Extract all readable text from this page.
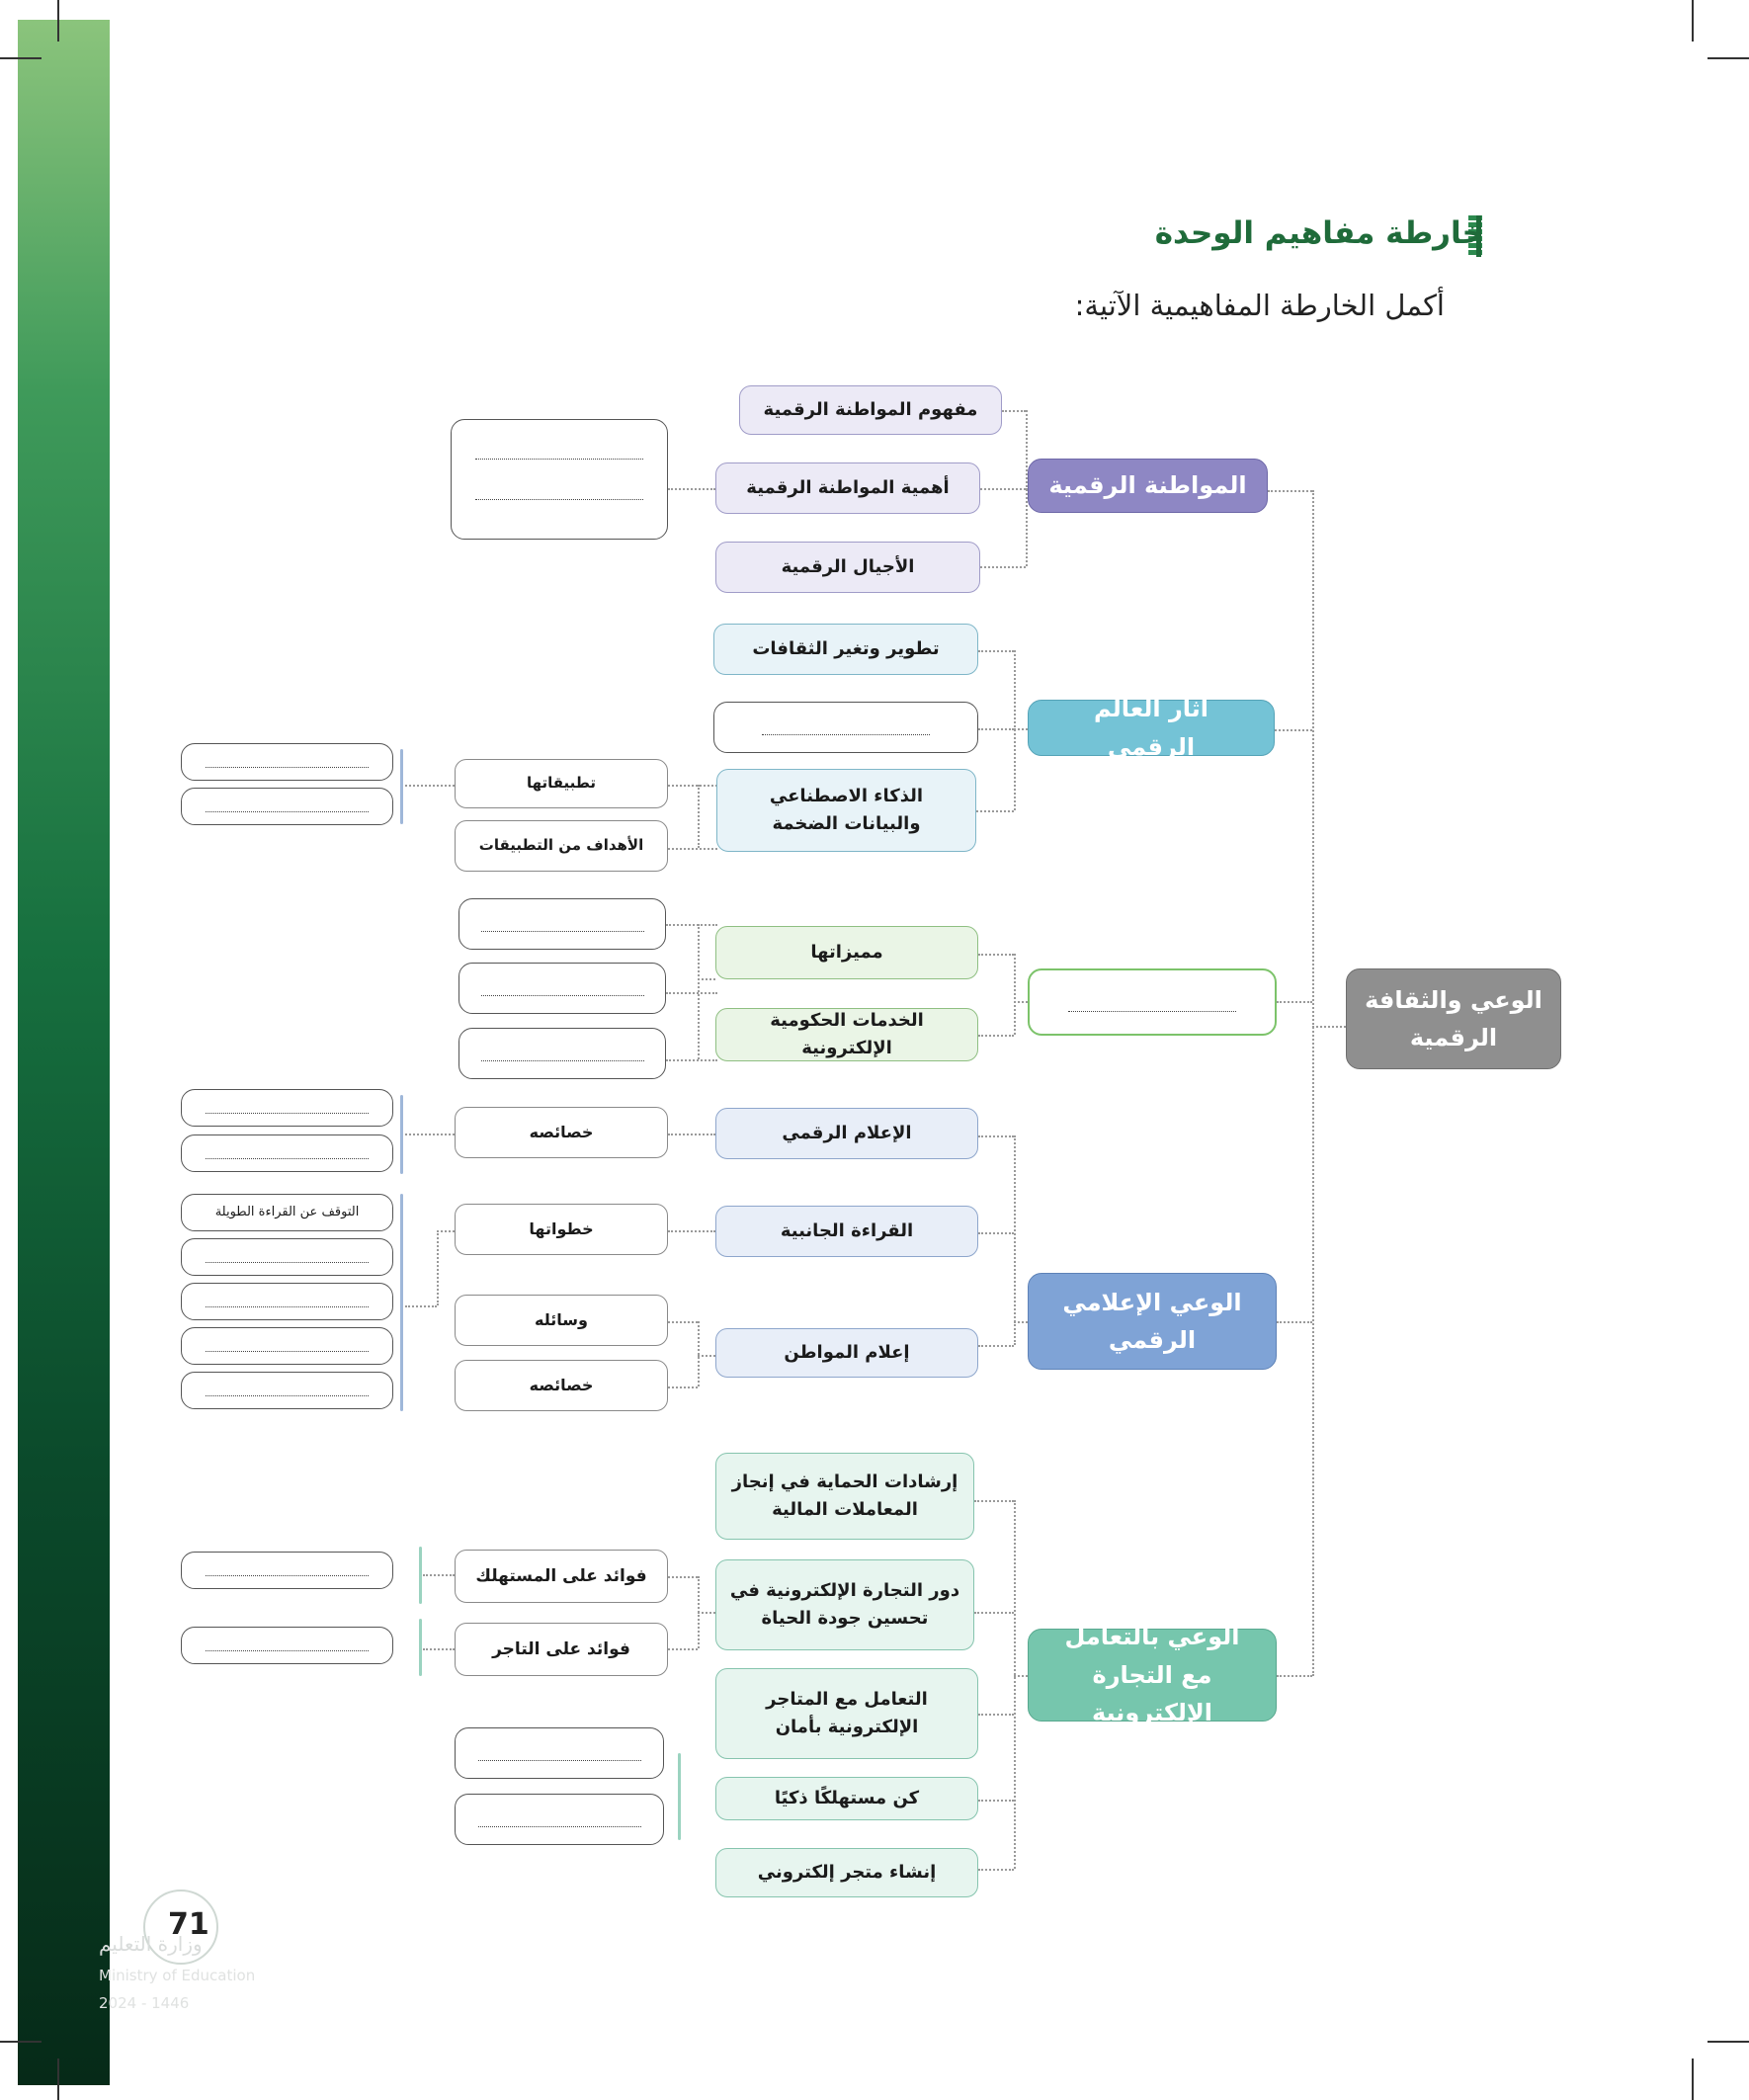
خارطة مفاهيم الوحدة
أكمل الخارطة المفاهيمية الآتية:
الوعي والثقافة الرقمية
المواطنة الرقمية
مفهوم المواطنة الرقمية
أهمية المواطنة الرقمية
الأجيال الرقمية
آثار العالم الرقمي
تطوير وتغير الثقافات
الذكاء الاصطناعي والبيانات الضخمة
تطبيقاتها
الأهداف من التطبيقات
مميزاتها
الخدمات الحكومية الإلكترونية
الوعي الإعلامي الرقمي
الإعلام الرقمي
القراءة الجانبية
إعلام المواطن
خصائصه
خطواتها
وسائله
خصائصه
التوقف عن القراءة الطويلة
الوعي بالتعامل مع التجارة الإلكترونية
إرشادات الحماية في إنجاز المعاملات المالية
دور التجارة الإلكترونية في تحسين جودة الحياة
التعامل مع المتاجر الإلكترونية بأمان
كن مستهلكًا ذكيًا
إنشاء متجر إلكتروني
فوائد على المستهلك
فوائد على التاجر
71
وزارة التعليم
Ministry of Education
2024 - 1446
